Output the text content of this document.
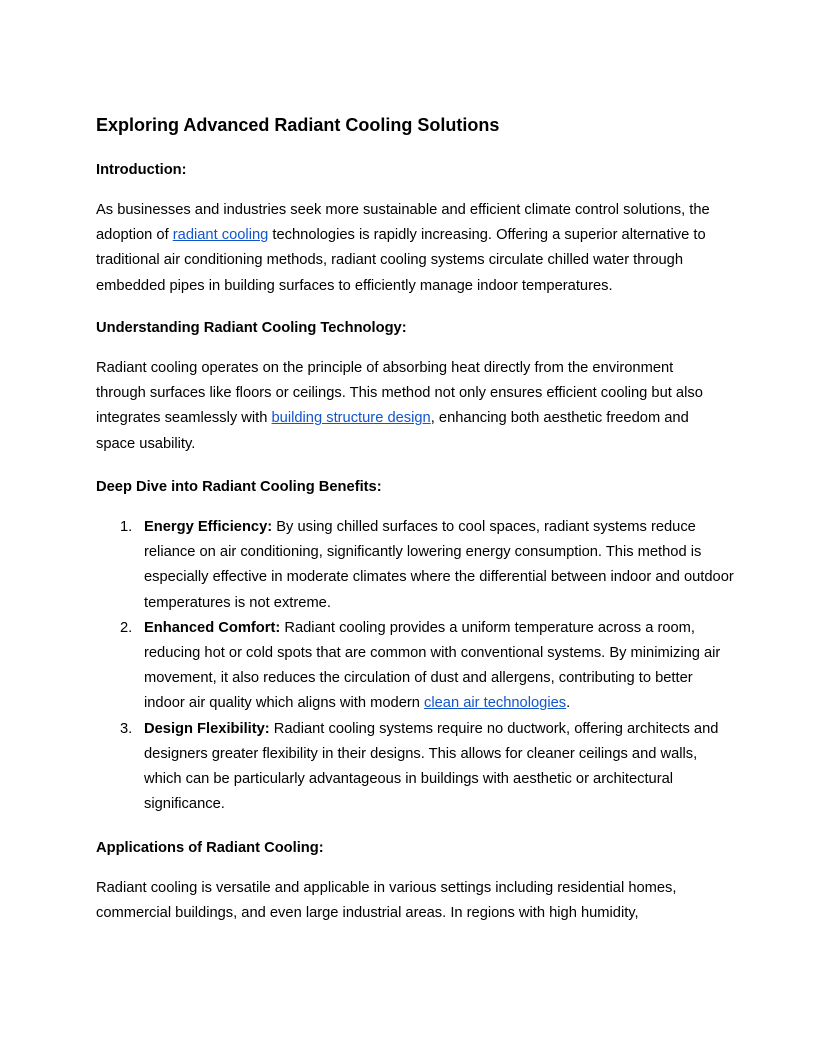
Exploring Advanced Radiant Cooling Solutions
Introduction:

As businesses and industries seek more sustainable and efficient climate control solutions, the adoption of radiant cooling technologies is rapidly increasing. Offering a superior alternative to traditional air conditioning methods, radiant cooling systems circulate chilled water through embedded pipes in building surfaces to efficiently manage indoor temperatures.

Understanding Radiant Cooling Technology:

Radiant cooling operates on the principle of absorbing heat directly from the environment through surfaces like floors or ceilings. This method not only ensures efficient cooling but also integrates seamlessly with building structure design, enhancing both aesthetic freedom and space usability.

Deep Dive into Radiant Cooling Benefits:
1. Energy Efficiency: By using chilled surfaces to cool spaces, radiant systems reduce reliance on air conditioning, significantly lowering energy consumption. This method is especially effective in moderate climates where the differential between indoor and outdoor temperatures is not extreme.
2. Enhanced Comfort: Radiant cooling provides a uniform temperature across a room, reducing hot or cold spots that are common with conventional systems. By minimizing air movement, it also reduces the circulation of dust and allergens, contributing to better indoor air quality which aligns with modern clean air technologies.
3. Design Flexibility: Radiant cooling systems require no ductwork, offering architects and designers greater flexibility in their designs. This allows for cleaner ceilings and walls, which can be particularly advantageous in buildings with aesthetic or architectural significance.
Applications of Radiant Cooling:

Radiant cooling is versatile and applicable in various settings including residential homes, commercial buildings, and even large industrial areas. In regions with high humidity,
